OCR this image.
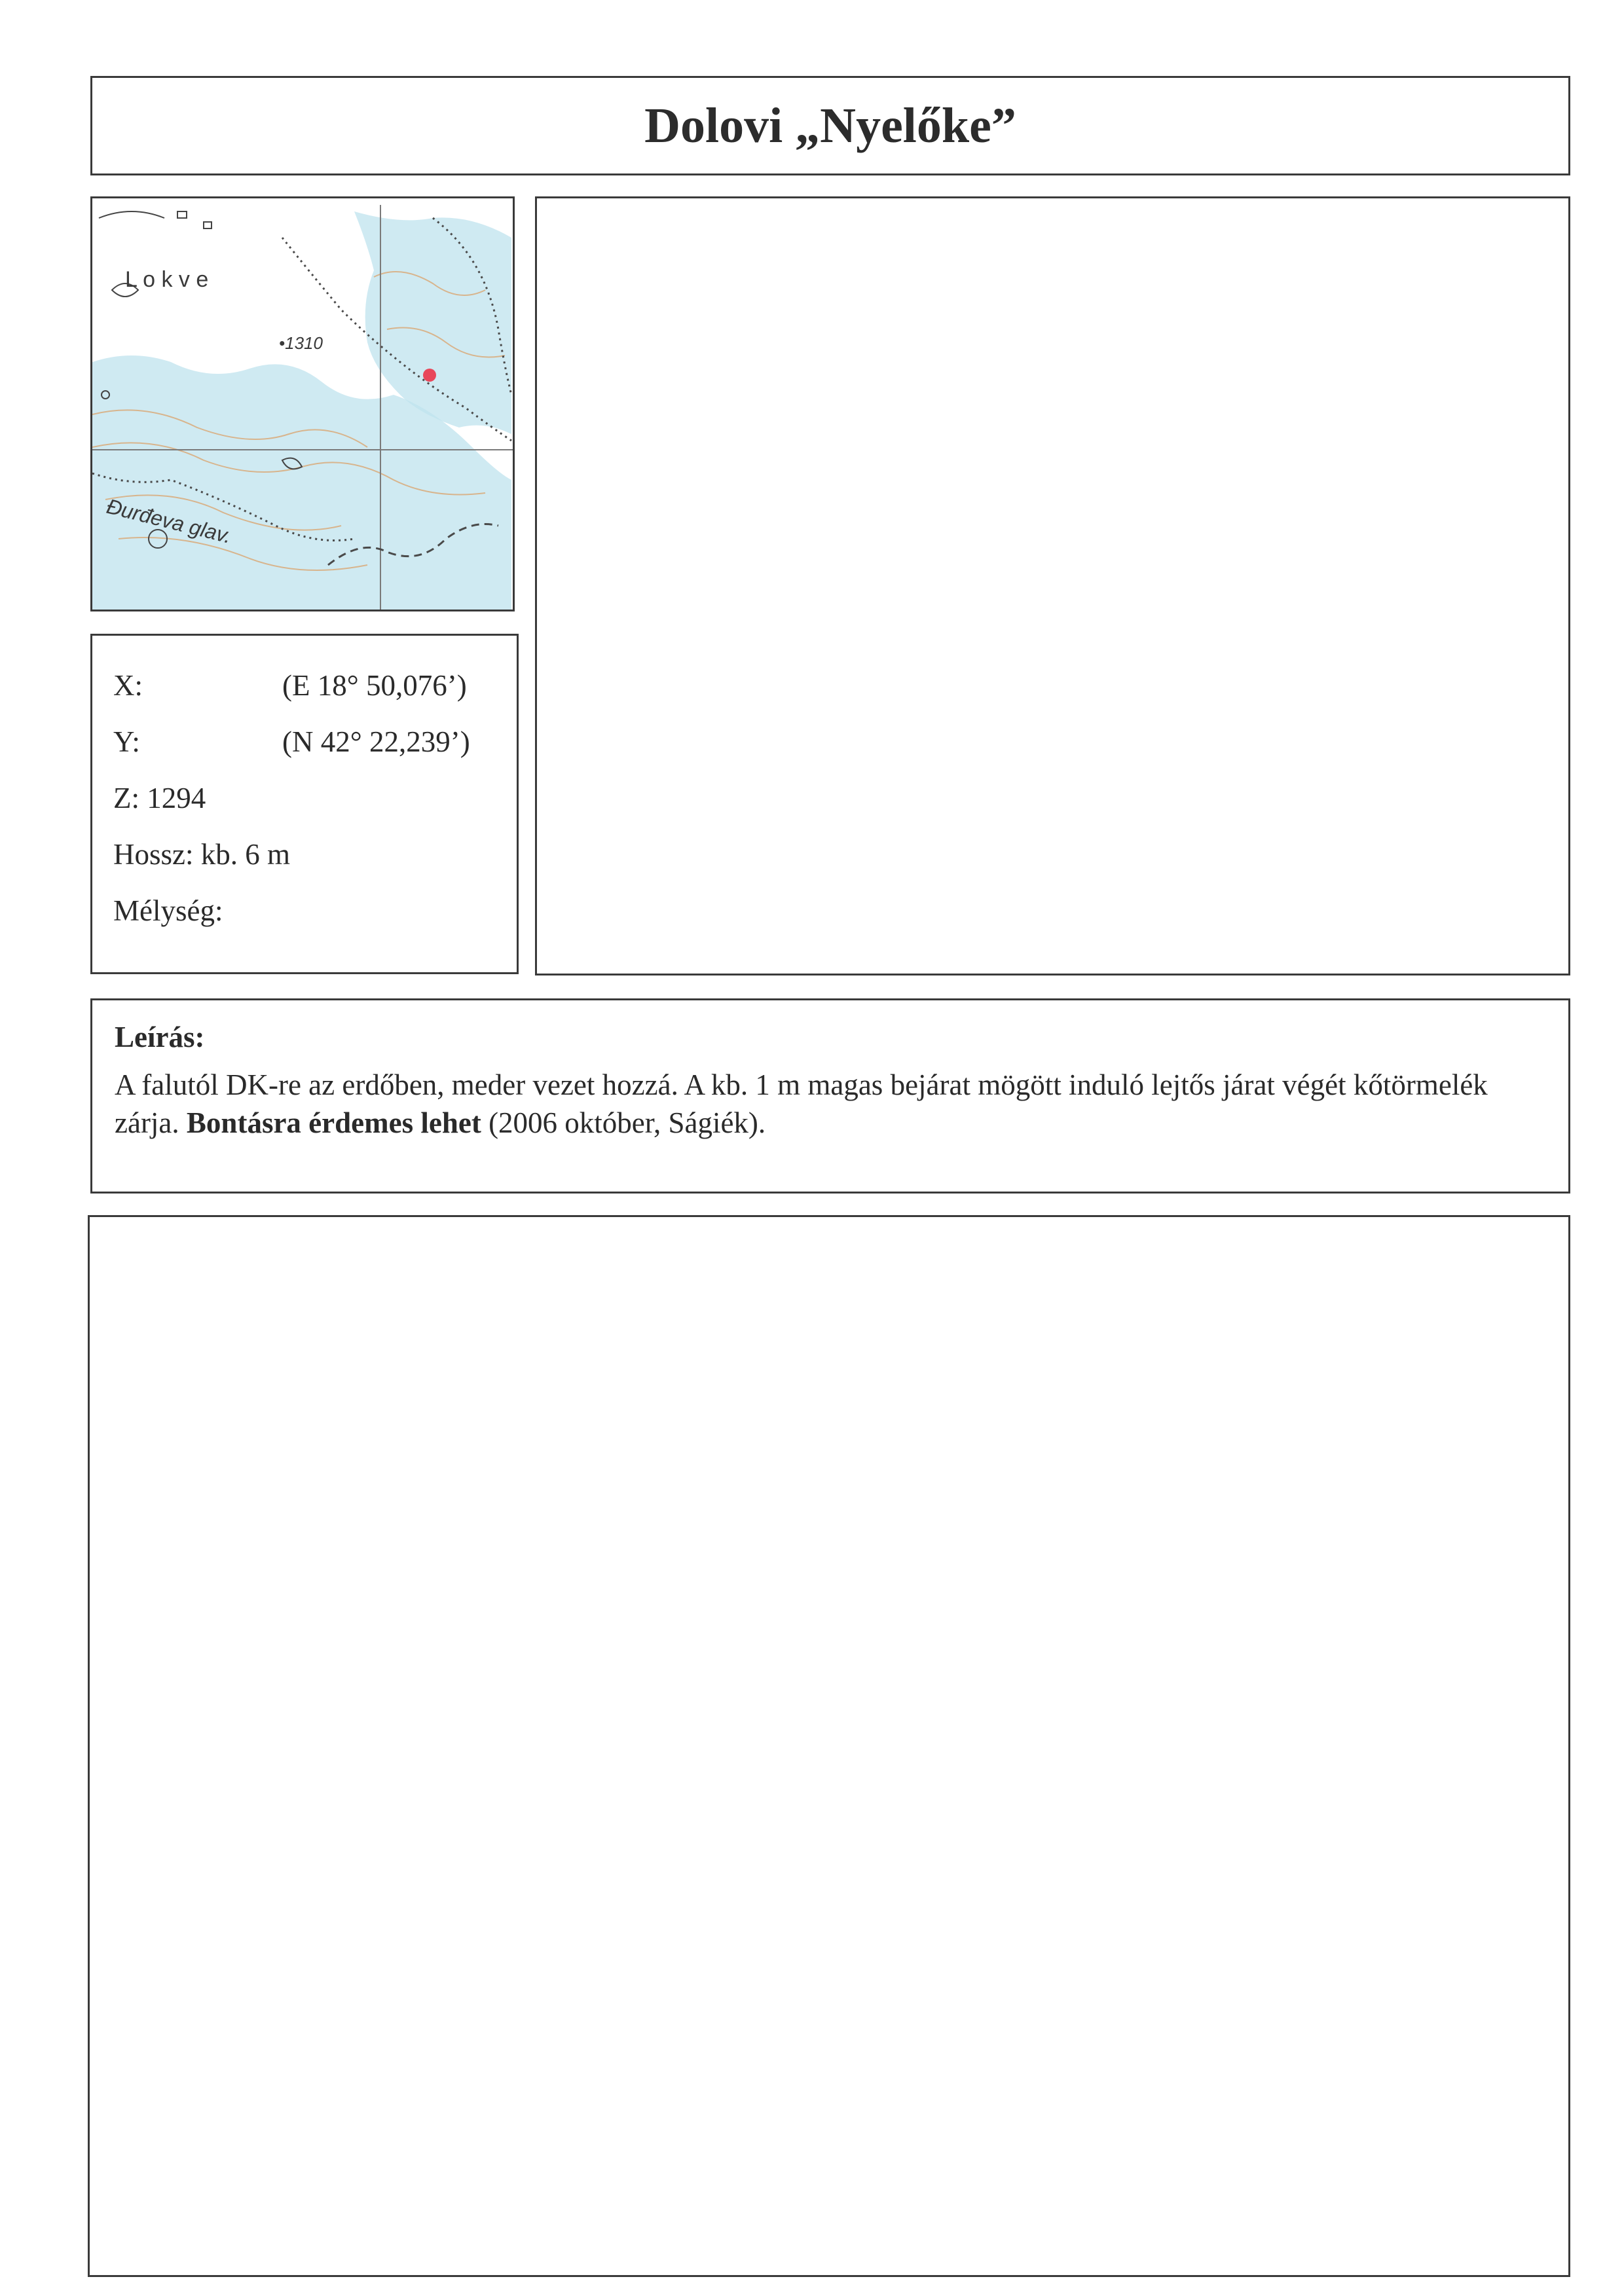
Dolovi „Nyelőke”
L o k v e
•1310
Đurđeva glav.
X:	(E 18° 50,076’)
Y:	(N 42° 22,239’)
Z: 1294
Hossz: kb. 6 m
Mélység:
Leírás:
A falutól DK-re az erdőben, meder vezet hozzá. A kb. 1 m magas bejárat mögött induló lejtős járat végét kőtörmelék zárja. Bontásra érdemes lehet (2006 október, Ságiék).
